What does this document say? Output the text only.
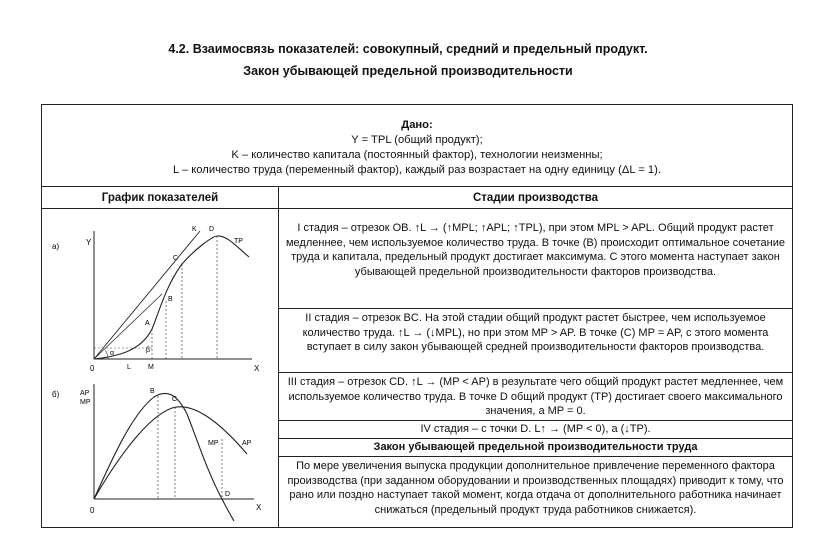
4.2. Взаимосвязь показателей: совокупный, средний и предельный продукт.
Закон убывающей предельной производительности
Дано:
Y = TPL (общий продукт);
K – количество капитала (постоянный фактор), технологии неизменны;
L – количество труда (переменный фактор), каждый раз возрастает на одну единицу (ΔL = 1).
График показателей	Стадии производства
а)	Y
X
0
α	β
A
B
C
D
K
TP
L M
б)	AP
MP
X
0
B
C
D
MP	AP
I стадия – отрезок OB. ↑L → (↑MPL; ↑APL; ↑TPL), при этом MPL > APL. Общий продукт растет медленнее, чем используемое количество труда. В точке (B) происходит оптимальное сочетание труда и капитала, предельный продукт достигает максимума. С этого момента наступает закон убывающей предельной производительности факторов производства.
II стадия – отрезок BC. На этой стадии общий продукт растет быстрее, чем используемое количество труда. ↑L → (↓MPL), но при этом MP > AP. В точке (C) MP = AP, с этого момента вступает в силу закон убывающей средней производительности факторов производства.
III стадия – отрезок CD. ↑L → (MP < AP) в результате чего общий продукт растет медленнее, чем используемое количество труда. В точке D общий продукт (TP) достигает своего максимального значения, а MP = 0.
IV стадия – с точки D. L↑ → (MP < 0), а (↓TP).
Закон убывающей предельной производительности труда
По мере увеличения выпуска продукции дополнительное привлечение переменного фактора производства (при заданном оборудовании и производственных площадях) приводит к тому, что рано или поздно наступает такой момент, когда отдача от дополнительного работника начинает снижаться (предельный продукт труда работников снижается).
